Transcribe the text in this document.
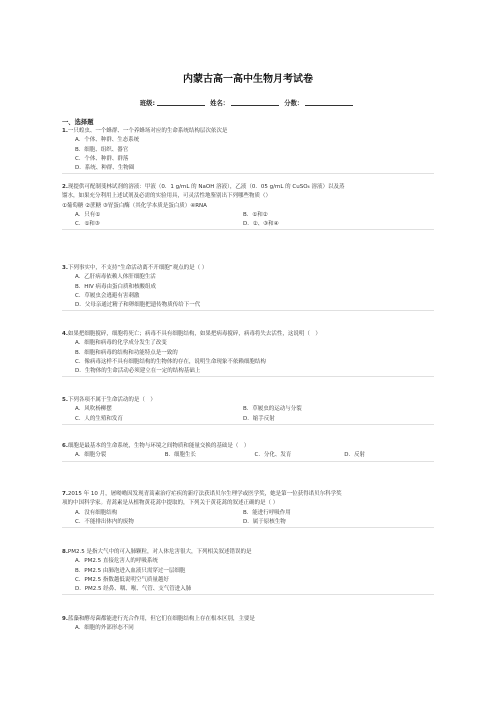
内蒙古高一高中生物月考试卷
班级:	姓名：	分数：
一、选择题
1.一只蝗虫、一个蜂群、一个养蜂场对应的生命系统结构层次依次是
A．个体、种群、生态系统
B．细胞、组织、器官
C．个体、种群、群落
D．系统、种群、生物圈
2.现提供可配制斐林试剂的溶液：甲液（0．1 g/mL 的 NaOH 溶液），乙液（0．05 g/mL 的 CuSO₄ 溶液）以及蒸
馏水，如果充分利用上述试剂及必需的实验用具，可灵活性地鉴别出下列哪些物质（）
①葡萄糖 ②蔗糖 ③胃蛋白酶（其化学本质是蛋白质）④RNA
A．只有①	B．①和②
C．①和③	D．②、③和④
3.下列事实中，不支持“生命活动离不开细胞”观点的是（ ）
A．乙肝病毒依赖人体肝细胞生活
B．HIV 病毒由蛋白质和核酸组成
C．草履虫会逃避有害刺激
D．父母亲通过精子和卵细胞把遗传物质传给下一代
4.如果把细胞搅碎，细胞将死亡；病毒不具有细胞结构，如果把病毒搅碎，病毒将失去活性，这说明（　）
A．细胞和病毒的化学成分发生了改变
B．细胞和病毒的结构和功能特点是一致的
C．像病毒这样不具有细胞结构的生物体的存在，说明生命现象不依赖细胞结构
D．生物体的生命活动必须建立在一定的结构基础上
5.下列各项不属于生命活动的是（　）
A．风吹杨柳摆	B．草履虫的运动与分裂
C．人的生殖和发育	D．缩手反射
6.细胞是最基本的生命系统，生物与环境之间物质和能量交换的基础是（　）
A．细胞分裂	B．细胞生长	C．分化、发育	D．反射
7.2015 年 10 月，屠呦呦因发现青蒿素治疗疟疾的新疗法获诺贝尔生理学或医学奖，她是第一位获得诺贝尔科学奖
项的中国科学家。青蒿素是从植物黄花蒿中提取的，下列关于黄花蒿的叙述正确的是（ ）
A．没有细胞结构	B．能进行呼吸作用
C．不能排出体内的废物	D．属于原核生物
8.PM2.5 是指大气中的可入肺颗粒，对人体危害很大，下列相关叙述错误的是
A．PM2.5 直接危害人的呼吸系统
B．PM2.5 由肺泡进入血液只需穿过一层细胞
C．PM2.5 指数越低说明空气质量越好
D．PM2.5 经鼻、咽、喉、气管、支气管进入肺
9.蓝藻和酵母菌都能进行光合作用，但它们在细胞结构上存在根本区别，主要是
A．细胞的外部形态不同
